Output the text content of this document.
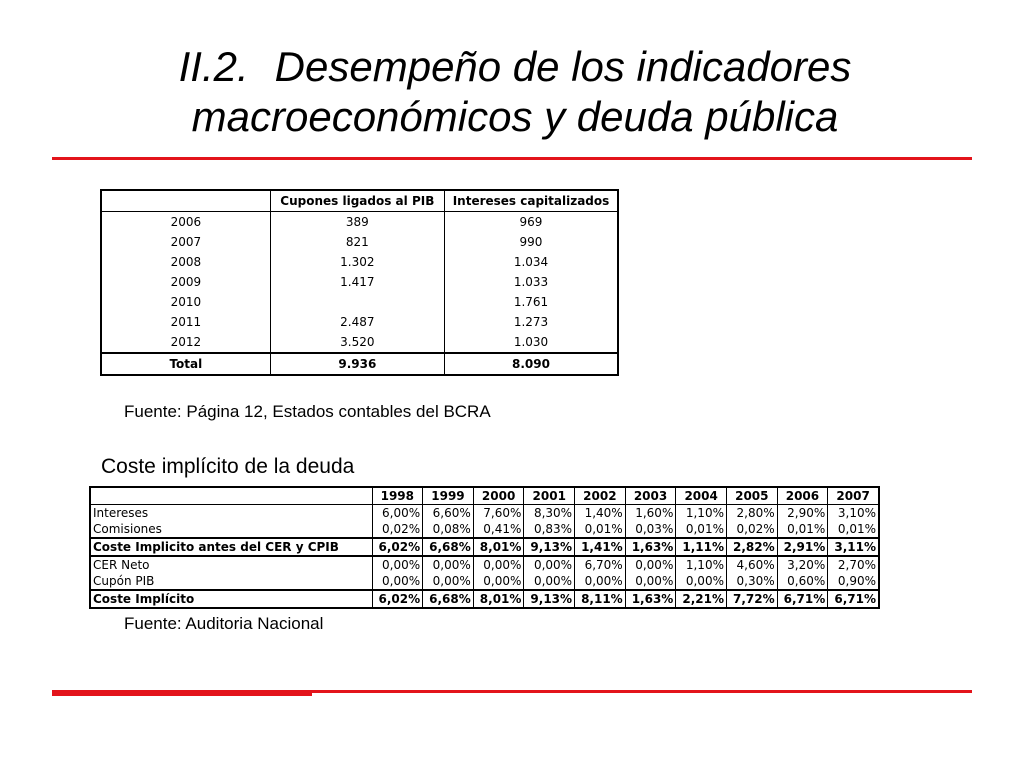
II.2. Desempeño de los indicadores macroeconómicos y deuda pública
	Cupones ligados al PIB	Intereses capitalizados
2006	389	969
2007	821	990
2008	1.302	1.034
2009	1.417	1.033
2010		1.761
2011	2.487	1.273
2012	3.520	1.030
Total	9.936	8.090
Fuente: Página 12, Estados contables del BCRA
Coste implícito de la deuda
	1998	1999	2000	2001	2002	2003	2004	2005	2006	2007
Intereses	6,00%	6,60%	7,60%	8,30%	1,40%	1,60%	1,10%	2,80%	2,90%	3,10%
Comisiones	0,02%	0,08%	0,41%	0,83%	0,01%	0,03%	0,01%	0,02%	0,01%	0,01%
Coste Implicito antes del CER y CPIB	6,02%	6,68%	8,01%	9,13%	1,41%	1,63%	1,11%	2,82%	2,91%	3,11%
CER Neto	0,00%	0,00%	0,00%	0,00%	6,70%	0,00%	1,10%	4,60%	3,20%	2,70%
Cupón PIB	0,00%	0,00%	0,00%	0,00%	0,00%	0,00%	0,00%	0,30%	0,60%	0,90%
Coste Implícito	6,02%	6,68%	8,01%	9,13%	8,11%	1,63%	2,21%	7,72%	6,71%	6,71%
Fuente: Auditoria Nacional
